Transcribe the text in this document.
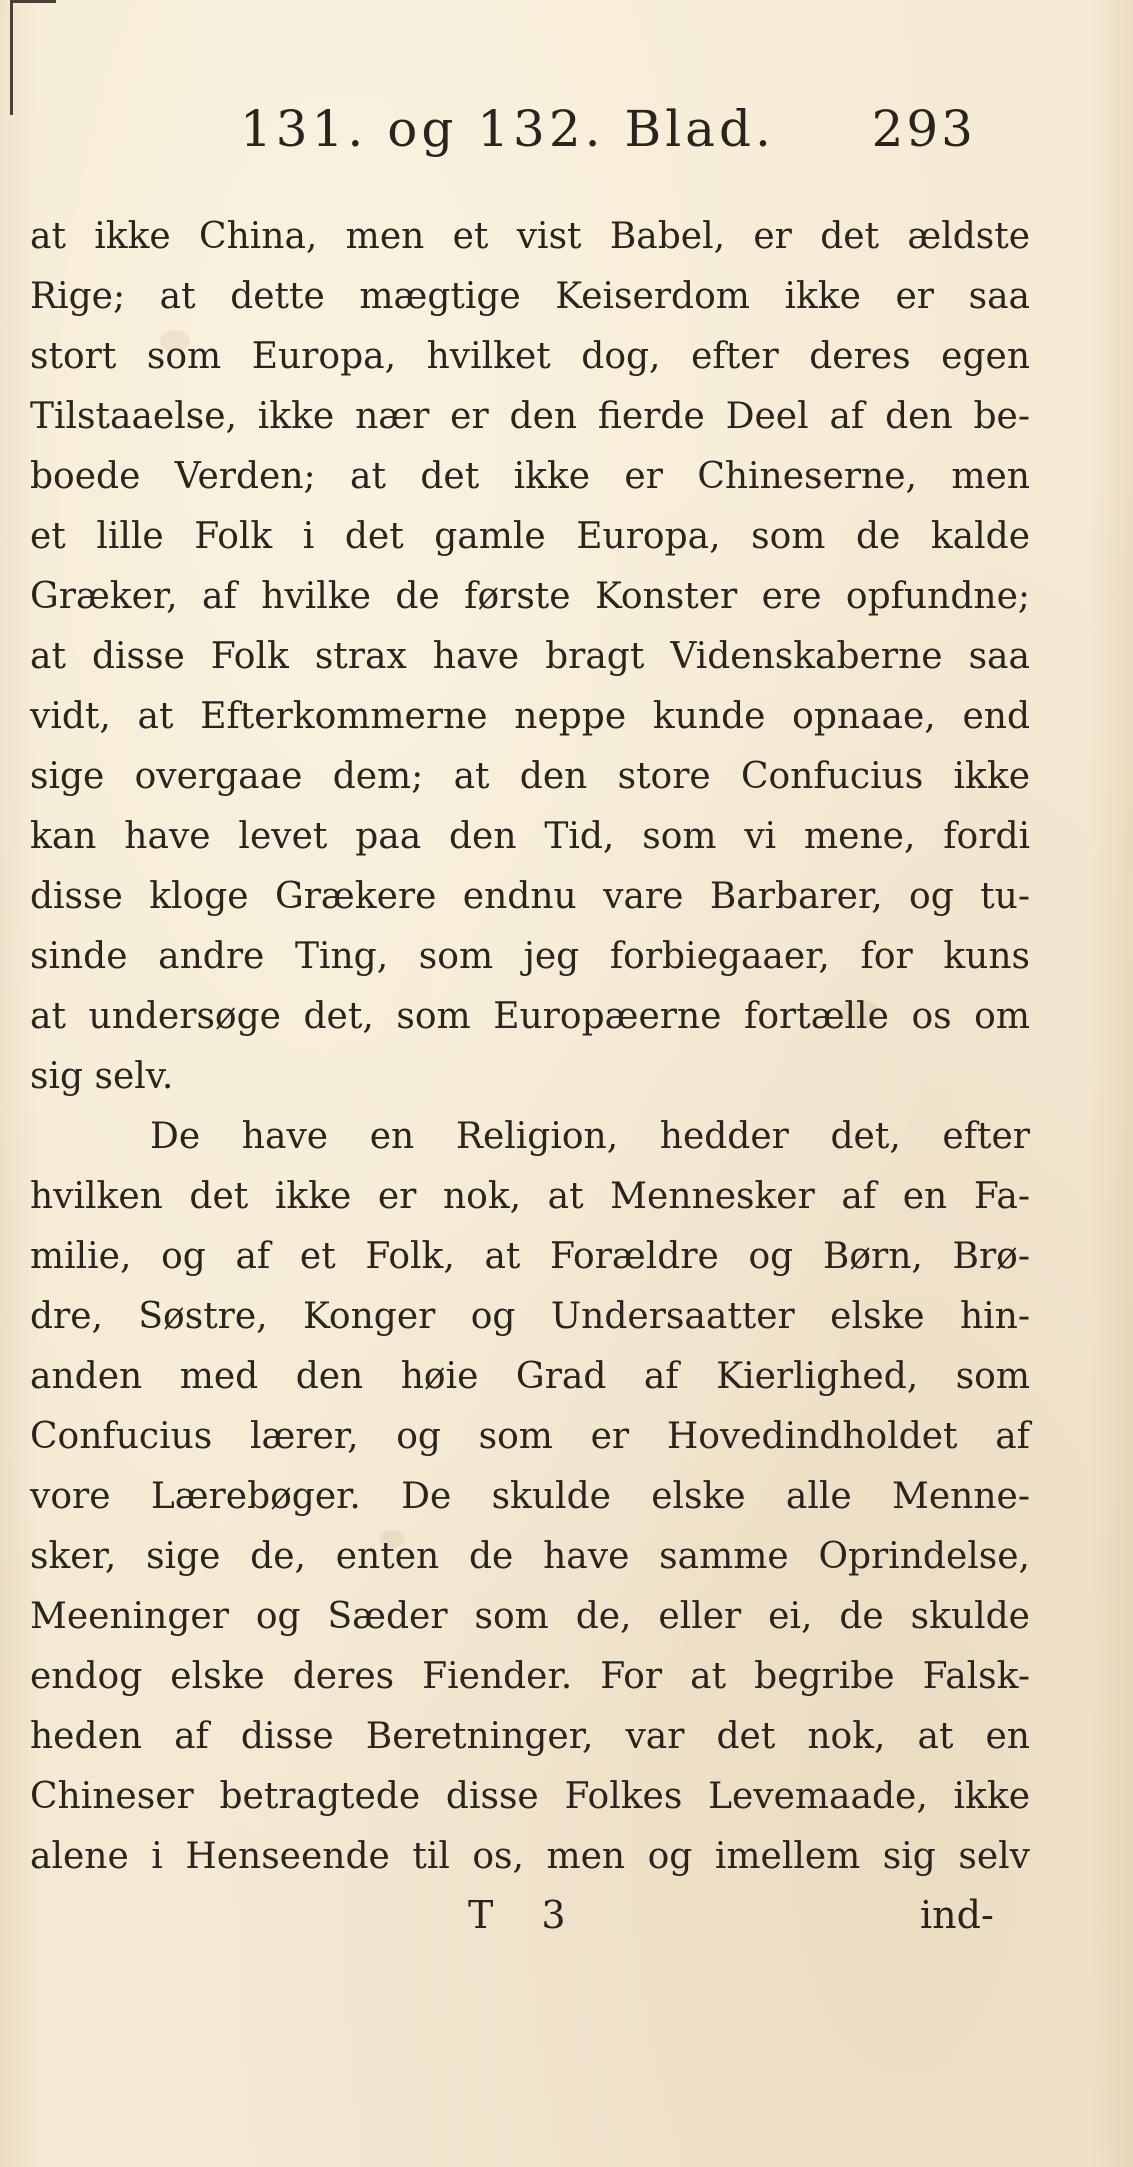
131. og 132. Blad. 293
at ikke China, men et vist Babel, er det ældste
Rige; at dette mægtige Keiserdom ikke er saa
stort som Europa, hvilket dog, efter deres egen
Tilstaaelse, ikke nær er den fierde Deel af den be-
boede Verden; at det ikke er Chineserne, men
et lille Folk i det gamle Europa, som de kalde
Græker, af hvilke de første Konster ere opfundne;
at disse Folk strax have bragt Videnskaberne saa
vidt, at Efterkommerne neppe kunde opnaae, end
sige overgaae dem; at den store Confucius ikke
kan have levet paa den Tid, som vi mene, fordi
disse kloge Grækere endnu vare Barbarer, og tu-
sinde andre Ting, som jeg forbiegaaer, for kuns
at undersøge det, som Europæerne fortælle os om
sig selv.
De have en Religion, hedder det, efter
hvilken det ikke er nok, at Mennesker af en Fa-
milie, og af et Folk, at Forældre og Børn, Brø-
dre, Søstre, Konger og Undersaatter elske hin-
anden med den høie Grad af Kierlighed, som
Confucius lærer, og som er Hovedindholdet af
vore Lærebøger. De skulde elske alle Menne-
sker, sige de, enten de have samme Oprindelse,
Meeninger og Sæder som de, eller ei, de skulde
endog elske deres Fiender. For at begribe Falsk-
heden af disse Beretninger, var det nok, at en
Chineser betragtede disse Folkes Levemaade, ikke
alene i Henseende til os, men og imellem sig selv
T 3	ind-
